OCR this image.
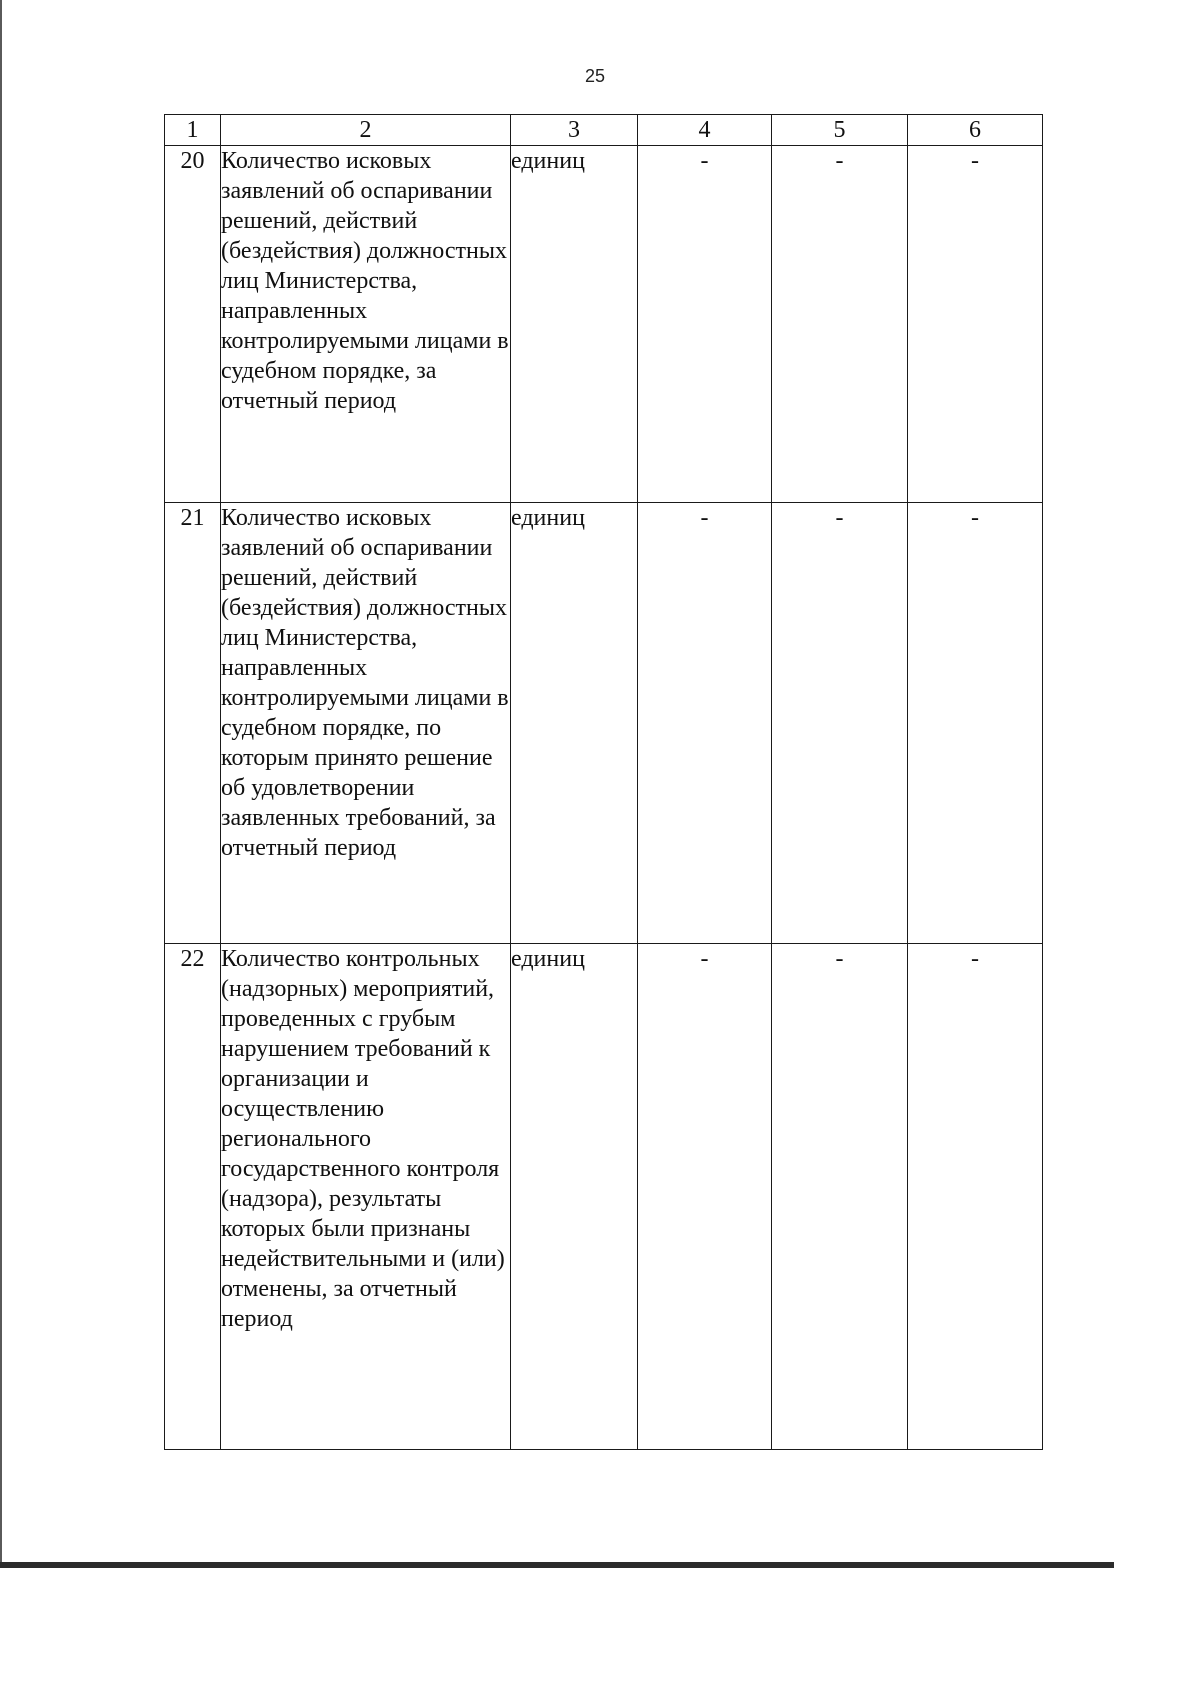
25
1	2	3	4	5	6
20	Количество исковых заявлений об оспаривании решений, действий (бездействия) должностных лиц Министерства, направленных контролируемыми лицами в судебном порядке, за отчетный период	единиц	-	-	-
21	Количество исковых заявлений об оспаривании решений, действий (бездействия) должностных лиц Министерства, направленных контролируемыми лицами в судебном порядке, по которым принято решение об удовлетворении заявленных требований, за отчетный период	единиц	-	-	-
22	Количество контрольных (надзорных) мероприятий, проведенных с грубым нарушением требований к организации и осуществлению регионального государственного контроля (надзора), результаты которых были признаны недействительными и (или) отменены, за отчетный период	единиц	-	-	-
